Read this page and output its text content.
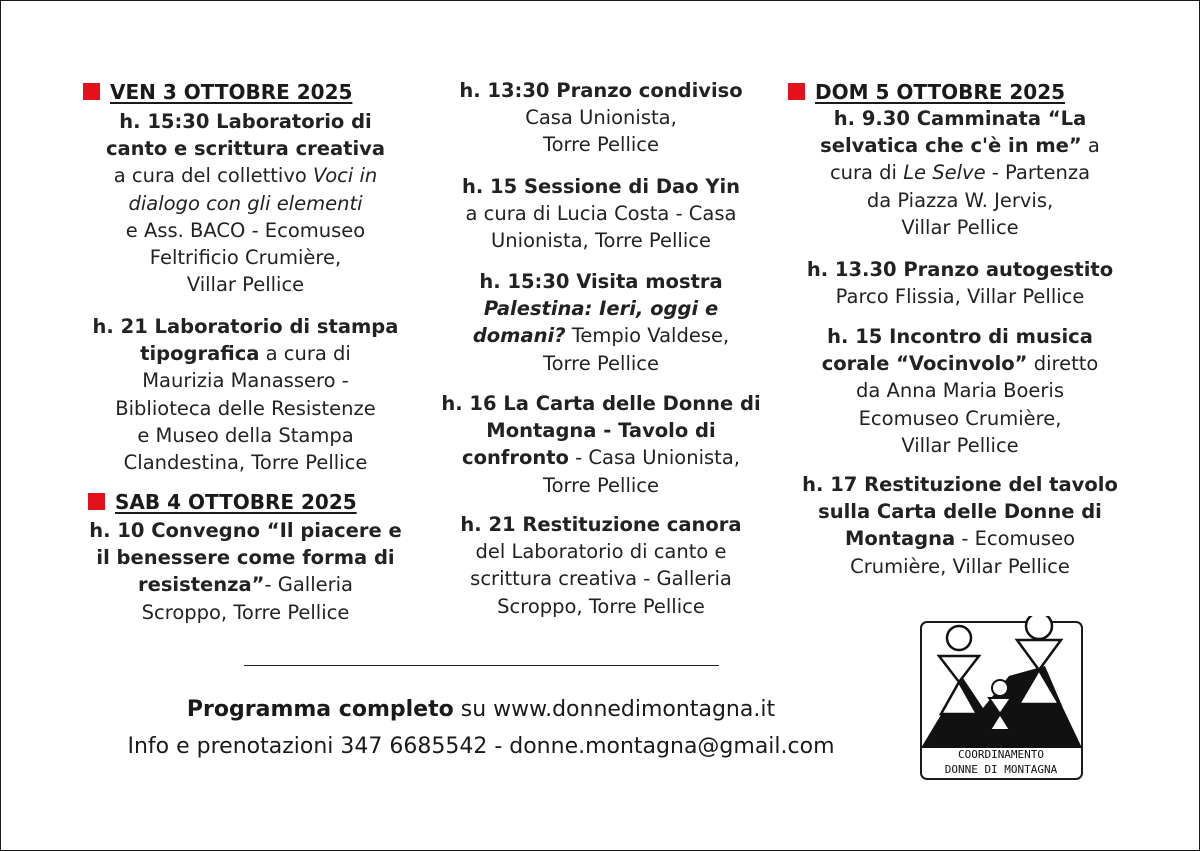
VEN 3 OTTOBRE 2025
h. 15:30 Laboratorio di
canto e scrittura creativa
a cura del collettivo Voci in
dialogo con gli elementi
e Ass. BACO - Ecomuseo
Feltrificio Crumière,
Villar Pellice
h. 21 Laboratorio di stampa
tipografica a cura di
Maurizia Manassero -
Biblioteca delle Resistenze
e Museo della Stampa
Clandestina, Torre Pellice
SAB 4 OTTOBRE 2025
h. 10 Convegno “Il piacere e
il benessere come forma di
resistenza”- Galleria
Scroppo, Torre Pellice
h. 13:30 Pranzo condiviso
Casa Unionista,
Torre Pellice
h. 15 Sessione di Dao Yin
a cura di Lucia Costa - Casa
Unionista, Torre Pellice
h. 15:30 Visita mostra
Palestina: Ieri, oggi e
domani? Tempio Valdese,
Torre Pellice
h. 16 La Carta delle Donne di
Montagna - Tavolo di
confronto - Casa Unionista,
Torre Pellice
h. 21 Restituzione canora
del Laboratorio di canto e
scrittura creativa - Galleria
Scroppo, Torre Pellice
DOM 5 OTTOBRE 2025
h. 9.30 Camminata “La
selvatica che c'è in me” a
cura di Le Selve - Partenza
da Piazza W. Jervis,
Villar Pellice
h. 13.30 Pranzo autogestito
Parco Flissia, Villar Pellice
h. 15 Incontro di musica
corale “Vocinvolo” diretto
da Anna Maria Boeris
Ecomuseo Crumière,
Villar Pellice
h. 17 Restituzione del tavolo
sulla Carta delle Donne di
Montagna - Ecomuseo
Crumière, Villar Pellice
Programma completo su www.donnedimontagna.it
Info e prenotazioni 347 6685542 - donne.montagna@gmail.com	COORDINAMENTO
DONNE DI MONTAGNA
